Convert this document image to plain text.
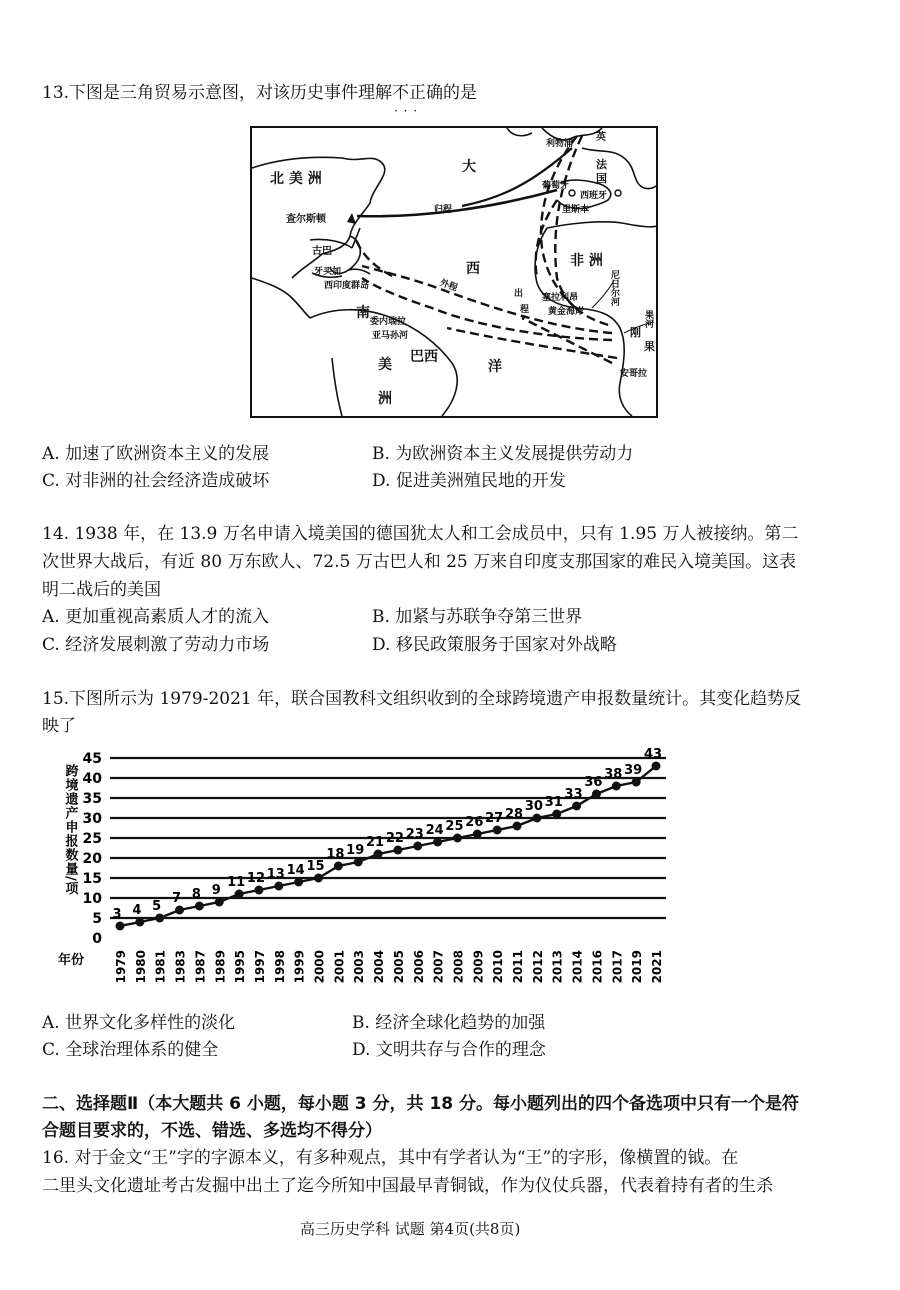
13.下图是三角贸易示意图，对该历史事件理解不正确 · · ·的是
北 美 洲
大
西
洋
非 洲
南
美 巴西
洲
查尔斯顿
古巴
牙买加
西印度群岛
委内瑞拉
亚马孙河
利物浦
英
法
国
葡萄牙
西班牙
里斯本
归程
外程
出
程
塞拉利昂
黄金海岸
尼日尔河
刚
果
果河
安哥拉
A. 加速了欧洲资本主义的发展	B. 为欧洲资本主义发展提供劳动力
C. 对非洲的社会经济造成破坏	D. 促进美洲殖民地的开发
14. 1938 年，在 13.9 万名申请入境美国的德国犹太人和工会成员中，只有 1.95 万人被接纳。第二
次世界大战后，有近 80 万东欧人、72.5 万古巴人和 25 万来自印度支那国家的难民入境美国。这表
明二战后的美国
A. 更加重视高素质人才的流入	B. 加紧与苏联争夺第三世界
C. 经济发展刺激了劳动力市场	D. 移民政策服务于国家对外战略
15.下图所示为 1979-2021 年，联合国教科文组织收到的全球跨境遗产申报数量统计。其变化趋势反
映了
0
5
10
15
20
25
30
35
40
45
跨境遗产申报数量/项
年份
3
1979
4
1980
5
1981
7
1983
8
1987
9
1989
11
1995
12
1997
13
1998
14
1999
15
2000
18
2001
19
2003
21
2004
22
2005
23
2006
24
2007
25
2008
26
2009
27
2010
28
2011
30
2012
31
2013
33
2014
36
2016
38
2017
39
2019
43
2021
A. 世界文化多样性的淡化	B. 经济全球化趋势的加强
C. 全球治理体系的健全	D. 文明共存与合作的理念
二、选择题Ⅱ（本大题共 6 小题，每小题 3 分，共 18 分。每小题列出的四个备选项中只有一个是符
合题目要求的，不选、错选、多选均不得分）
16. 对于金文“王”字的字源本义，有多种观点，其中有学者认为“王”的字形，像横置的钺。在
二里头文化遗址考古发掘中出土了迄今所知中国最早青铜钺，作为仪仗兵器，代表着持有者的生杀
高三历史学科 试题 第4页(共8页)
